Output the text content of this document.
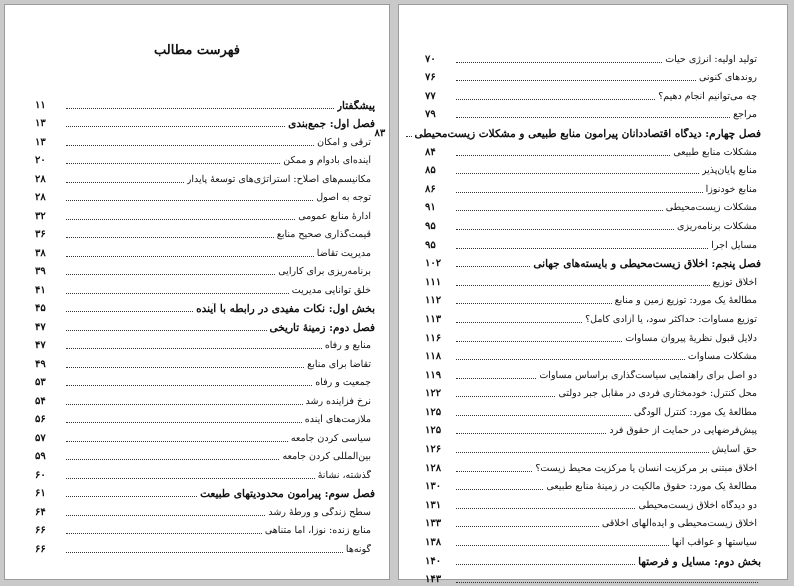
فهرست مطالب
پیشگفتار
۱۱
فصل اول: جمع‌بندی
۱۳
ترقی و امکان
۱۳
آینده‌ای بادوام و ممکن
۲۰
مکانیسم‌های اصلاح: استراتژی‌های توسعهٔ پایدار
۲۸
توجه به اصول
۲۸
ادارهٔ منابع عمومی
۳۲
قیمت‌گذاری صحیح منابع
۳۶
مدیریت تقاضا
۳۸
برنامه‌ریزی برای کارایی
۳۹
خلق توانایی مدیریت
۴۱
بخش اول: نکات مفیدی در رابطه با آینده
۴۵
فصل دوم: زمینهٔ تاریخی
۴۷
منابع و رفاه
۴۷
تقاضا برای منابع
۴۹
جمعیت و رفاه
۵۳
نرخ فزاینده رشد
۵۴
ملازمت‌های آینده
۵۶
سیاسی کردن جامعه
۵۷
بین‌المللی کردن جامعه
۵۹
گذشته، نشانهٔ
۶۰
فصل سوم: پیرامون محدودیتهای طبیعت
۶۱
سطح زندگی و ورطهٔ رشد
۶۴
منابع زنده: نوزا، اما متناهی
۶۶
گونه‌ها
۶۶
تولید اولیه: انرژی حیات
۷۰
روندهای کنونی
۷۶
چه می‌توانیم انجام دهیم؟
۷۷
مراجع
۷۹
فصل چهارم: دیدگاه اقتصاددانان پیرامون منابع طبیعی و مشکلات زیست‌محیطی
۸۳
مشکلات منابع طبیعی
۸۴
منابع پایان‌پذیر
۸۵
منابع خودنوزا
۸۶
مشکلات زیست‌محیطی
۹۱
مشکلات برنامه‌ریزی
۹۵
مسایل اجرا
۹۵
فصل پنجم: اخلاق زیست‌محیطی و بایسته‌های جهانی
۱۰۲
اخلاق توزیع
۱۱۱
مطالعهٔ یک مورد: توزیع زمین و منابع
۱۱۲
توزیع مساوات: حداکثر سود، یا آزادی کامل؟
۱۱۳
دلایل قبول نظریهٔ پیروان مساوات
۱۱۶
مشکلات مساوات
۱۱۸
دو اصل برای راهنمایی سیاست‌گذاری براساس مساوات
۱۱۹
محل کنترل: خودمختاری فردی در مقابل جبر دولتی
۱۲۲
مطالعهٔ یک مورد: کنترل آلودگی
۱۲۵
پیش‌فرضهایی در حمایت از حقوق فرد
۱۲۵
حق آسایش
۱۲۶
اخلاق مبتنی بر مرکزیت انسان یا مرکزیت محیط زیست؟
۱۲۸
مطالعهٔ یک مورد: حقوق مالکیت در زمینهٔ منابع طبیعی
۱۳۰
دو دیدگاه اخلاق زیست‌محیطی
۱۳۱
اخلاق زیست‌محیطی و ایده‌آلهای اخلاقی
۱۳۳
سیاستها و عواقب آنها
۱۳۸
بخش دوم: مسایل و فرصتها
۱۴۰
۱۴۳
